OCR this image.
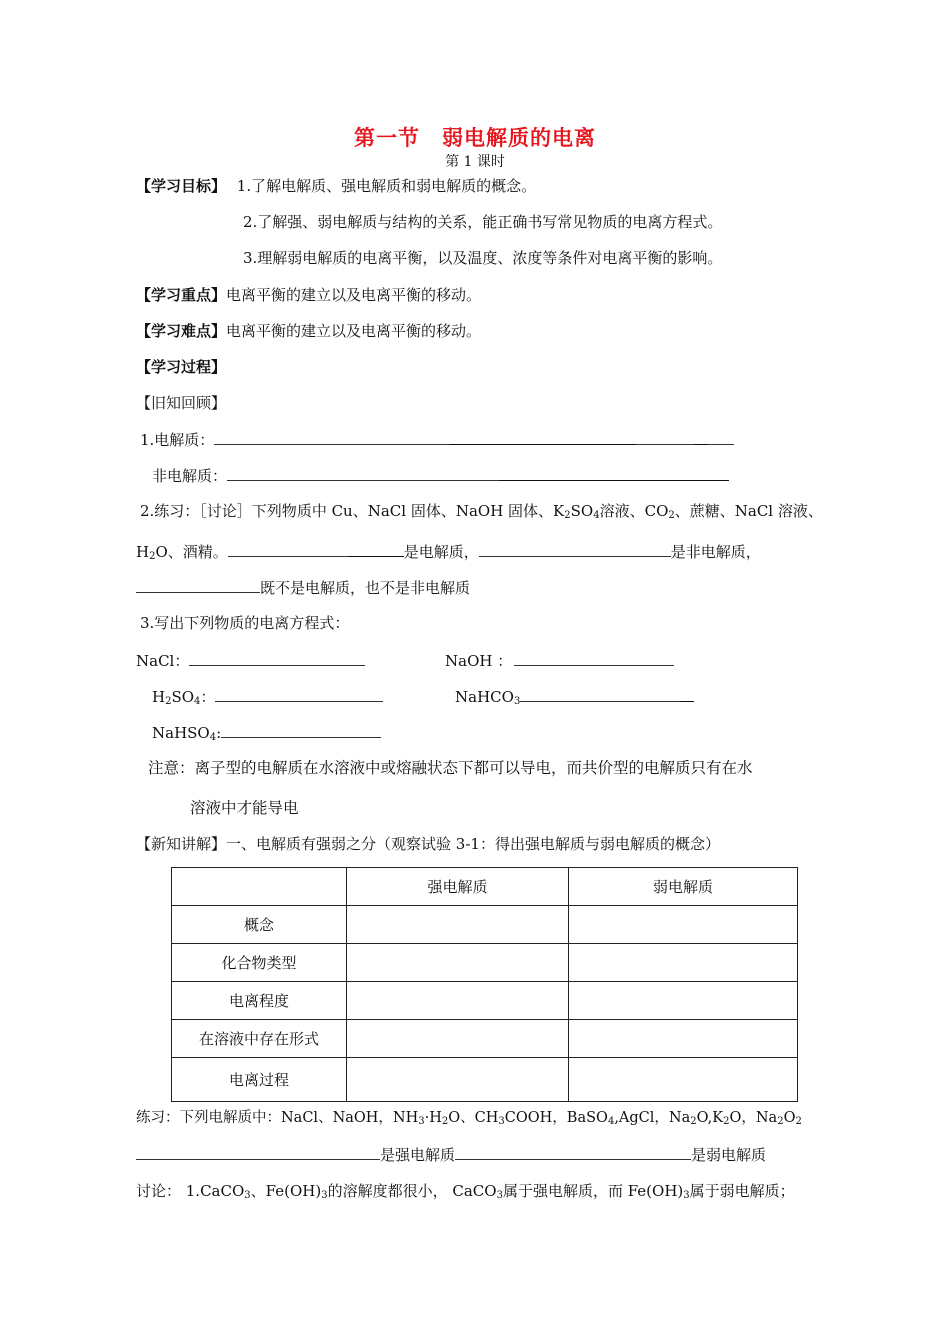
第一节　弱电解质的电离
第 1 课时
【学习目标】 1.了解电解质、强电解质和弱电解质的概念。
2.了解强、弱电解质与结构的关系，能正确书写常见物质的电离方程式。
3.理解弱电解质的电离平衡，以及温度、浓度等条件对电离平衡的影响。
【学习重点】电离平衡的建立以及电离平衡的移动。
【学习难点】电离平衡的建立以及电离平衡的移动。
【学习过程】
【旧知回顾】
1.电解质：
非电解质：
2.练习：［讨论］下列物质中 Cu、NaCl 固体、NaOH 固体、$K_2SO_4$溶液、$CO_2$、蔗糖、NaCl 溶液、
$H_2O$、酒精。	是电解质，	是非电解质，
既不是电解质，也不是非电解质
3.写出下列物质的电离方程式：
NaCl：	NaOH ：
$H_2SO_4$：	NaHCO$_3$
NaHSO$_4$:
注意：离子型的电解质在水溶液中或熔融状态下都可以导电，而共价型的电解质只有在水
溶液中才能导电
【新知讲解】一、电解质有强弱之分（观察试验 3-1：得出强电解质与弱电解质的概念）
	强电解质	弱电解质
概念		
化合物类型		
电离程度		
在溶液中存在形式		
电离过程		
练习：下列电解质中：NaCl、NaOH，$NH_3\cdot H_2O$、$CH_3COOH$，BaSO$_4$,AgCl，$Na_2O,K_2O$，$Na_2O_2$
是强电解质	是弱电解质
讨论： 1.CaCO$_3$、$Fe(OH)_3$的溶解度都很小， CaCO$_3$属于强电解质，而 $Fe(OH)_3$属于弱电解质；
